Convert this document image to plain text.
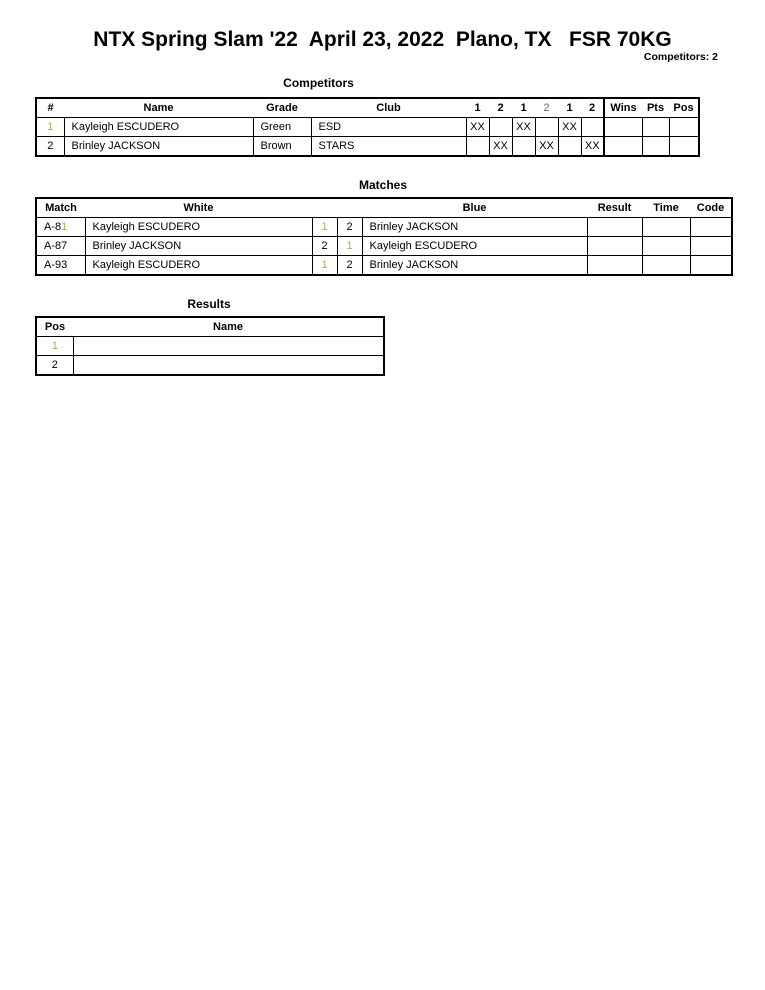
NTX Spring Slam '22  April 23, 2022  Plano, TX   FSR 70KG
Competitors: 2
Competitors
#	Name	Grade	Club	1	2	1	2	1	2	Wins	Pts	Pos
1	Kayleigh ESCUDERO	Green	ESD	XX		XX		XX				
2	Brinley JACKSON	Brown	STARS		XX		XX		XX			
Matches
Match	White			Blue	Result	Time	Code
A-81	Kayleigh ESCUDERO	1	2	Brinley JACKSON			
A-87	Brinley JACKSON	2	1	Kayleigh ESCUDERO			
A-93	Kayleigh ESCUDERO	1	2	Brinley JACKSON			
Results
Pos	Name
1	
2	
